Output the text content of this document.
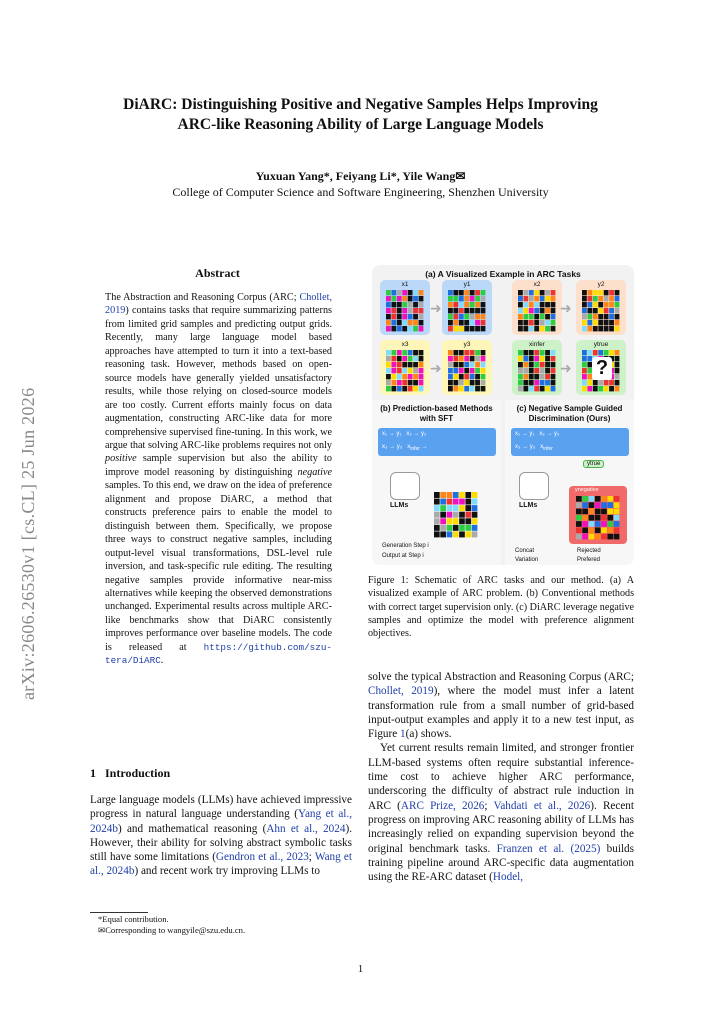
DiARC: Distinguishing Positive and Negative Samples Helps Improving
ARC-like Reasoning Ability of Large Language Models
Yuxuan Yang*, Feiyang Li*, Yile Wang✉
College of Computer Science and Software Engineering, Shenzhen University
arXiv:2606.26530v1 [cs.CL] 25 Jun 2026
Abstract

The Abstraction and Reasoning Corpus (ARC; Chollet, 2019) contains tasks that require summarizing patterns from limited grid samples and predicting output grids. Recently, many large language model based approaches have attempted to turn it into a text-based reasoning task. However, methods based on open-source models have generally yielded unsatisfactory results, while those relying on closed-source models are too costly. Current efforts mainly focus on data augmentation, constructing ARC-like data for more comprehensive supervised fine-tuning. In this work, we argue that solving ARC-like problems requires not only positive sample supervision but also the ability to improve model reasoning by distinguishing negative samples. To this end, we draw on the idea of preference alignment and propose DiARC, a method that constructs preference pairs to enable the model to distinguish between them. Specifically, we propose three ways to construct negative samples, including output-level visual transformations, DSL-level rule inversion, and task-specific rule editing. The resulting negative samples provide informative near-miss alternatives while keeping the observed demonstrations unchanged. Experimental results across multiple ARC-like benchmarks show that DiARC consistently improves performance over baseline models. The code is released at https://github.com/szu-tera/DiARC.

1   Introduction

Large language models (LLMs) have achieved impressive progress in natural language understanding (Yang et al., 2024b) and mathematical reasoning (Ahn et al., 2024). However, their ability for solving abstract symbolic tasks still have some limitations (Gendron et al., 2023; Wang et al., 2024b) and recent work try improving LLMs to

*Equal contribution.
✉Corresponding to wangyile@szu.edu.cn.
(a) A Visualized Example in ARC Tasks
x1	y1	x2	y2
x3	y3	xinfer	ytrue
?
➜	➜
➜	➜
(b) Prediction-based Methods with SFT
x₁ → y₁   x₂ → y₂
x₃ → y₃   $x_{infer}$ →
LLMs
Generation Step i
Output at Step i
(c) Negative Sample Guided Discrimination (Ours)
x₁ → y₁   x₂ → y₂
x₃ → y₃   $x_{infer}$
ytrue
LLMs
ynegative
Concat	Rejected
Variation	Prefered
Figure 1: Schematic of ARC tasks and our method. (a) A visualized example of ARC problem. (b) Conventional methods with correct target supervision only. (c) DiARC leverage negative samples and optimize the model with preference alignment objectives.

solve the typical Abstraction and Reasoning Corpus (ARC; Chollet, 2019), where the model must infer a latent transformation rule from a small number of grid-based input-output examples and apply it to a new test input, as Figure 1(a) shows.

Yet current results remain limited, and stronger frontier LLM-based systems often require substantial inference-time cost to achieve higher ARC performance, underscoring the difficulty of abstract rule induction in ARC (ARC Prize, 2026; Vahdati et al., 2026). Recent progress on improving ARC reasoning ability of LLMs has increasingly relied on expanding supervision beyond the original benchmark tasks. Franzen et al. (2025) builds training pipeline around ARC-specific data augmentation using the RE-ARC dataset (Hodel,

1
